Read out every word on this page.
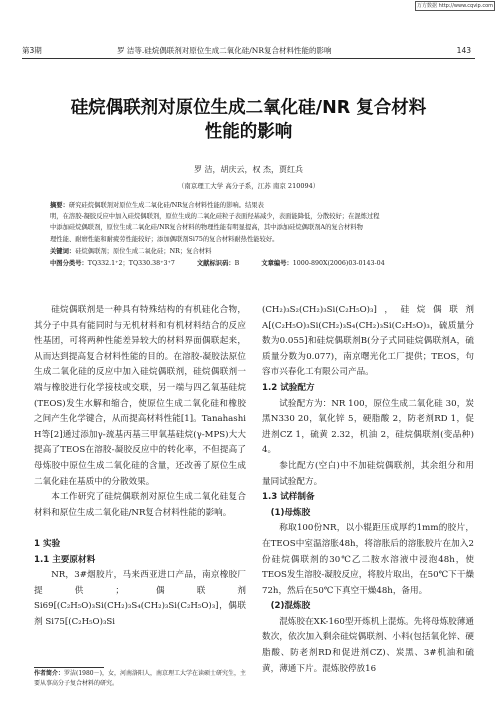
万方数据 http://www.cqvip.com
第3期	罗 洁等.硅烷偶联剂对原位生成二氧化硅/NR复合材料性能的影响	143
硅烷偶联剂对原位生成二氧化硅/NR 复合材料
性能的影响
罗 洁，胡庆云，权 杰，贾红兵
（南京理工大学 高分子系，江苏 南京 210094）
摘要：研究硅烷偶联剂对原位生成二氧化硅/NR复合材料性能的影响。结果表
明，在溶胶-凝胶反应中加入硅烷偶联剂，原位生成的二氧化硅粒子表面羟基减少，表面能降低，分散较好；在混炼过程
中添加硅烷偶联剂，原位生成二氧化硅/NR复合材料的物理性能有明显提高，其中添加硅烷偶联剂A的复合材料物
理性能、耐磨性能和耐疲劳性能较好；添加偶联剂Si75的复合材料耐热性能较好。
关键词：硅烷偶联剂；原位生成二氧化硅；NR；复合材料
中图分类号：TQ332.1⁺2；TQ330.38⁺3⁺7	文献标识码：B	文章编号：1000-890X(2006)03-0143-04

硅烷偶联剂是一种具有特殊结构的有机硅化合物，其分子中具有能同时与无机材料和有机材料结合的反应性基团，可将两种性能差异较大的材料界面偶联起来，从而达到提高复合材料性能的目的。在溶胶-凝胶法原位生成二氧化硅的反应中加入硅烷偶联剂，硅烷偶联剂一端与橡胶进行化学接枝或交联，另一端与四乙氧基硅烷(TEOS)发生水解和缩合，使原位生成二氧化硅和橡胶之间产生化学键合，从而提高材料性能[1]。Tanahashi H等[2]通过添加γ-巯基丙基三甲氧基硅烷(γ-MPS)大大提高了TEOS在溶胶-凝胶反应中的转化率，不但提高了母炼胶中原位生成二氧化硅的含量，还改善了原位生成二氧化硅在基质中的分散效果。

本工作研究了硅烷偶联剂对原位生成二氧化硅复合材料和原位生成二氧化硅/NR复合材料性能的影响。

1 实验
1.1 主要原材料

NR，3#烟胶片，马来西亚进口产品，南京橡胶厂提供；偶联剂 Si69[(C₂H₅O)₃Si(CH₂)₃S₄(CH₂)₃Si(C₂H₅O)₃]，偶联剂 Si75[(C₂H₅O)₃Si

(CH₂)₃S₂(CH₂)₃Si(C₂H₅O)₃]，硅烷偶联剂A[(C₂H₅O)₃Si(CH₂)₃S₄(CH₂)₃Si(C₂H₅O)₃，硫质量分数为0.055]和硅烷偶联剂B(分子式同硅烷偶联剂A，硫质量分数为0.077)，南京曙光化工厂提供；TEOS，句容市兴春化工有限公司产品。
1.2 试验配方

试验配方为：NR 100，原位生成二氧化硅 30，炭黑N330 20，氧化锌 5，硬脂酸 2，防老剂RD 1，促进剂CZ 1，硫黄 2.32，机油 2，硅烷偶联剂(变品种) 4。

参比配方(空白)中不加硅烷偶联剂，其余组分和用量同试验配方。

1.3 试样制备
(1)母炼胶

称取100份NR，以小辊距压成厚约1mm的胶片，在TEOS中室温溶胀48h，将溶胀后的溶胀胶片在加入2份硅烷偶联剂的30℃乙二胺水溶液中浸泡48h，使TEOS发生溶胶-凝胶反应，将胶片取出，在50℃下干燥72h，然后在50℃下真空干燥48h，备用。

(2)混炼胶

混炼胶在XK-160型开炼机上混炼。先将母炼胶薄通数次，依次加入剩余硅烷偶联剂、小料(包括氧化锌、硬脂酸、防老剂RD和促进剂CZ)、炭黑、3#机油和硫黄，薄通下片。混炼胶停放16

作者简介：罗洁(1980－)，女，河南洛阳人，南京理工大学在读硕士研究生，主要从事高分子复合材料的研究。
